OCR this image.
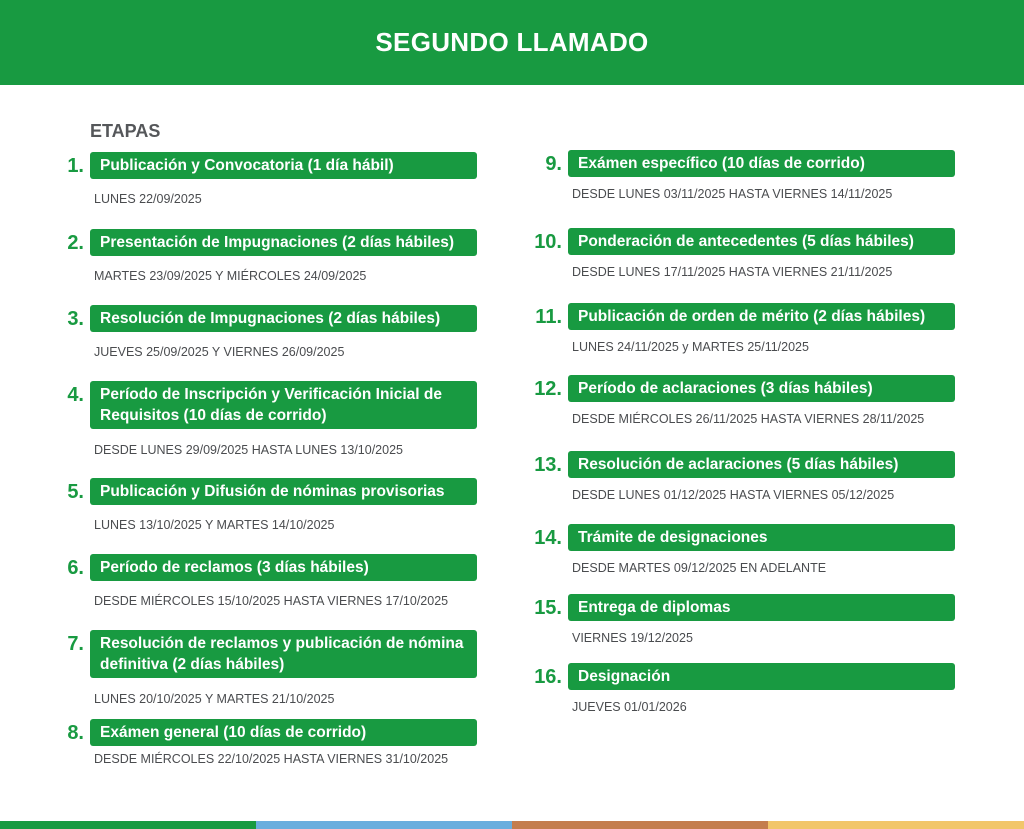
SEGUNDO LLAMADO
ETAPAS
1.	Publicación y Convocatoria (1 día hábil)
LUNES 22/09/2025
2.	Presentación de Impugnaciones (2 días hábiles)
MARTES 23/09/2025 Y MIÉRCOLES 24/09/2025
3.	Resolución de Impugnaciones (2 días hábiles)
JUEVES 25/09/2025 Y VIERNES 26/09/2025
4.	Período de Inscripción y Verificación Inicial de Requisitos (10 días de corrido)
DESDE LUNES 29/09/2025 HASTA LUNES 13/10/2025
5.	Publicación y Difusión de nóminas provisorias
LUNES 13/10/2025 Y MARTES 14/10/2025
6.	Período de reclamos (3 días hábiles)
DESDE MIÉRCOLES 15/10/2025 HASTA VIERNES 17/10/2025
7.	Resolución de reclamos y publicación de nómina definitiva (2 días hábiles)
LUNES 20/10/2025 Y MARTES 21/10/2025
8.	Exámen general (10 días de corrido)
DESDE MIÉRCOLES 22/10/2025 HASTA VIERNES 31/10/2025
9.	Exámen específico (10 días de corrido)
DESDE LUNES 03/11/2025 HASTA VIERNES 14/11/2025
10.	Ponderación de antecedentes (5 días hábiles)
DESDE LUNES 17/11/2025 HASTA VIERNES 21/11/2025
11.	Publicación de orden de mérito (2 días hábiles)
LUNES 24/11/2025 y MARTES 25/11/2025
12.	Período de aclaraciones (3 días hábiles)
DESDE MIÉRCOLES 26/11/2025 HASTA VIERNES 28/11/2025
13.	Resolución de aclaraciones (5 días hábiles)
DESDE LUNES 01/12/2025 HASTA VIERNES 05/12/2025
14.	Trámite de designaciones
DESDE MARTES 09/12/2025 EN ADELANTE
15.	Entrega de diplomas
VIERNES 19/12/2025
16.	Designación
JUEVES 01/01/2026
